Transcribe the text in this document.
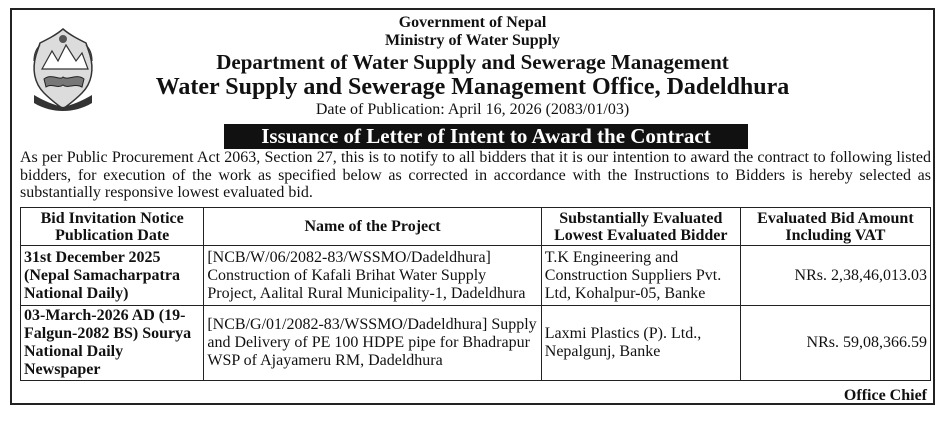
Government of Nepal
Ministry of Water Supply
Department of Water Supply and Sewerage Management
Water Supply and Sewerage Management Office, Dadeldhura
Date of Publication: April 16, 2026 (2083/01/03)
Issuance of Letter of Intent to Award the Contract
As per Public Procurement Act 2063, Section 27, this is to notify to all bidders that it is our intention to award the contract to following listed bidders, for execution of the work as specified below as corrected in accordance with the Instructions to Bidders is hereby selected as substantially responsive lowest evaluated bid.
Bid Invitation Notice Publication Date	Name of the Project	Substantially Evaluated Lowest Evaluated Bidder	Evaluated Bid Amount Including VAT
31st December 2025 (Nepal Samacharpatra National Daily)	[NCB/W/06/2082-83/WSSMO/Dadeldhura] Construction of Kafali Brihat Water Supply Project, Aalital Rural Municipality-1, Dadeldhura	T.K Engineering and Construction Suppliers Pvt. Ltd, Kohalpur-05, Banke	NRs. 2,38,46,013.03
03-March-2026 AD (19-Falgun-2082 BS) Sourya National Daily Newspaper	[NCB/G/01/2082-83/WSSMO/Dadeldhura] Supply and Delivery of PE 100 HDPE pipe for Bhadrapur WSP of Ajayameru RM, Dadeldhura	Laxmi Plastics (P). Ltd., Nepalgunj, Banke	NRs. 59,08,366.59
Office Chief
